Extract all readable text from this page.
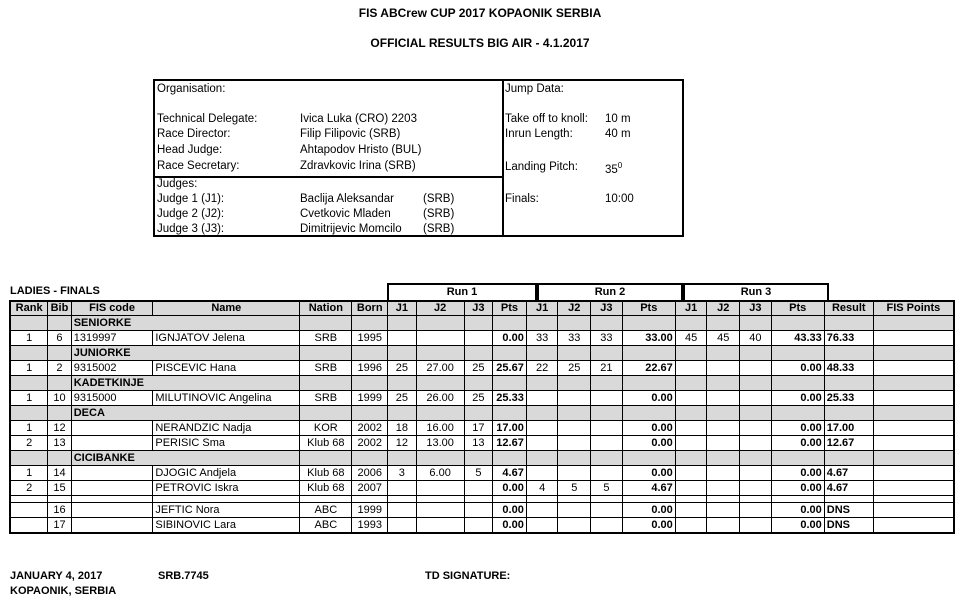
FIS ABCrew CUP 2017 KOPAONIK SERBIA
OFFICIAL RESULTS BIG AIR - 4.1.2017
Organisation:
Technical Delegate:	Ivica Luka (CRO) 2203
Race Director:	Filip Filipovic (SRB)
Head Judge:	Ahtapodov Hristo (BUL)
Race Secretary:	Zdravkovic Irina (SRB)
Judges:
Judge 1 (J1):	Baclija Aleksandar	(SRB)
Judge 2 (J2):	Cvetkovic Mladen	(SRB)
Judge 3 (J3):	Dimitrijevic Momcilo (SRB)
Jump Data:
Take off to knoll: 10 m
Inrun Length:	40 m
Landing Pitch: $35^0$
Finals:	10:00
LADIES - FINALS	Run 1	Run 2	Run 3
Rank	Bib	FIS code	Name	Nation	Born	J1	J2	J3	Pts	J1	J2	J3	Pts	J1	J2	J3	Pts	Result	FIS Points
		SENIORKE																	
1	6	1319997	IGNJATOV Jelena	SRB	1995				0.00	33	33	33	33.00	45	45	40	43.33	76.33	
		JUNIORKE																	
1	2	9315002	PISCEVIC Hana	SRB	1996	25	27.00	25	25.67	22	25	21	22.67				0.00	48.33	
		KADETKINJE																	
1	10	9315000	MILUTINOVIC Angelina	SRB	1999	25	26.00	25	25.33				0.00				0.00	25.33	
		DECA																	
1	12		NERANDZIC Nadja	KOR	2002	18	16.00	17	17.00				0.00				0.00	17.00	
2	13		PERISIC Sma	Klub 68	2002	12	13.00	13	12.67				0.00				0.00	12.67	
		CICIBANKE																	
1	14		DJOGIC Andjela	Klub 68	2006	3	6.00	5	4.67				0.00				0.00	4.67	
2	15		PETROVIC Iskra	Klub 68	2007				0.00	4	5	5	4.67				0.00	4.67	

	16		JEFTIC Nora	ABC	1999				0.00				0.00				0.00	DNS	
	17		SIBINOVIC Lara	ABC	1993				0.00				0.00				0.00	DNS	
JANUARY 4, 2017
KOPAONIK, SERBIA
SRB.7745	TD SIGNATURE:
